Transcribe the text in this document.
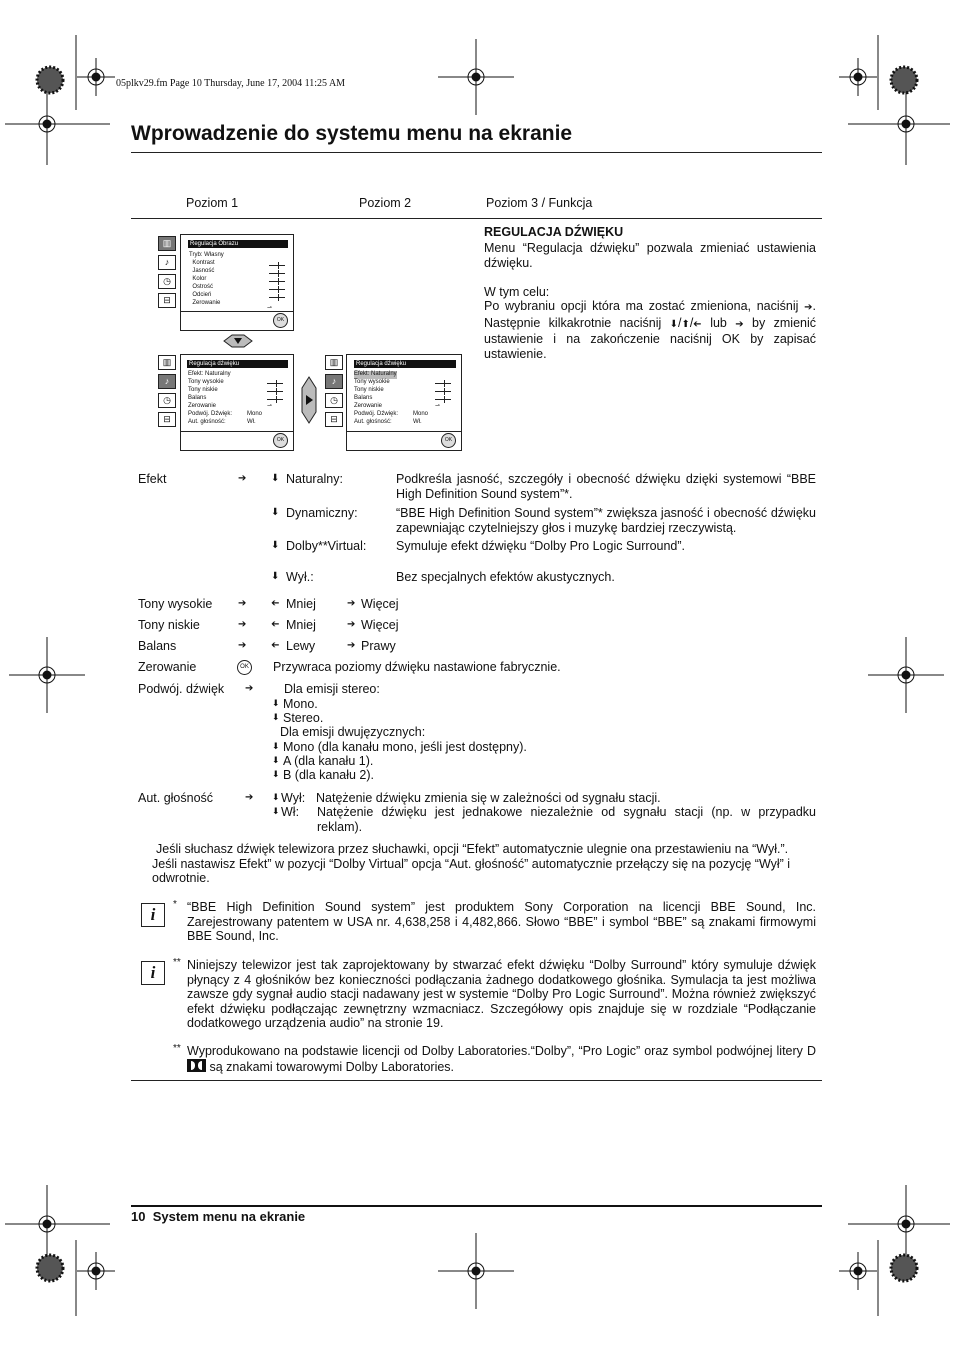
05plkv29.fm Page 10 Thursday, June 17, 2004 11:25 AM
Wprowadzenie do systemu menu na ekranie
Poziom 1	Poziom 2	Poziom 3 / Funkcja
▥
♪
◷
⊟
Regulacja Obrazu
Tryb: Własny
Kontrast
Jasność
Kolor
Ostrość
Odcień
Zerowanie
⇀
OK
▥
♪
◷
⊟
Regulacja dźwięku
Efekt: Naturalny
Tony wysokie
Tony niskie
Balans
Zerowanie
Podwój. Dźwięk:
Aut. głośność:
Mono
Wł.
⇀
OK
▥
♪
◷
⊟
Regulacja dźwięku
Efekt: Naturalny
Tony wysokie
Tony niskie
Balans
Zerowanie
Podwój. Dźwięk:
Aut. głośność:
Mono
Wł.
⇀
OK
REGULACJA DŹWIĘKU
Menu “Regulacja dźwięku” pozwala zmieniać ustawienia dźwięku.
W tym celu:
Po wybraniu opcji która ma zostać zmieniona, naciśnij ➔. Następnie kilkakrotnie naciśnij ⬇/⬆/➔ lub ➔ by zmienić ustawienie i na zakończenie naciśnij OK by zapisać ustawienie.
Efekt	➔ ⬇ Naturalny:	Podkreśla jasność, szczegóły i obecność dźwięku dzięki systemowi “BBE High Definition Sound system”*.
⬇ Dynamiczny:	“BBE High Definition Sound system”* zwiększa jasność i obecność dźwięku zapewniając czytelniejszy głos i muzykę bardziej rzeczywistą.
⬇ Dolby**Virtual: Symuluje efekt dźwięku “Dolby Pro Logic Surround”.
⬇ Wył.:	Bez specjalnych efektów akustycznych.
Tony wysokie	➔ ➔ Mniej	➔ Więcej
Tony niskie	➔ ➔ Mniej	➔ Więcej
Balans	➔ ➔ Lewy	➔ Prawy
Zerowanie	OK Przywraca poziomy dźwięku nastawione fabrycznie.
Podwój. dźwięk ➔ Dla emisji stereo:
⬇ Mono.
⬇ Stereo.
Dla emisji dwujęzycznych:
⬇ Mono (dla kanału mono, jeśli jest dostępny).
⬇ A (dla kanału 1).
⬇ B (dla kanału 2).
Aut. głośność	➔ ⬇ Wył: Natężenie dźwięku zmienia się w zależności od sygnału stacji.
⬇ Wł: Natężenie dźwięku jest jednakowe niezależnie od sygnału stacji (np. w przypadku reklam).
Jeśli słuchasz dźwięk telewizora przez słuchawki, opcji “Efekt” automatycznie ulegnie ona przestawieniu na “Wył.”. Jeśli nastawisz Efekt” w pozycji “Dolby Virtual” opcja “Aut. głośność” automatycznie przełączy się na pozycję “Wył” i odwrotnie.
i
* “BBE High Definition Sound system” jest produktem Sony Corporation na licencji BBE Sound, Inc. Zarejestrowany patentem w USA nr. 4,638,258 i 4,482,866. Słowo “BBE” i symbol “BBE” są znakami firmowymi BBE Sound, Inc.
i
** Niniejszy telewizor jest tak zaprojektowany by stwarzać efekt dźwięku “Dolby Surround” który symuluje dźwięk płynący z 4 głośników bez konieczności podłączania żadnego dodatkowego głośnika. Symulacja ta jest możliwa zawsze gdy sygnał audio stacji nadawany jest w systemie “Dolby Pro Logic Surround”. Można również zwiększyć efekt dźwięku podłączając zewnętrzny wzmacniacz. Szczegółowy opis znajduje się w rozdziale “Podłączanie dodatkowego urządzenia audio” na stronie 19.
** Wyprodukowano na podstawie licencji od Dolby Laboratories.“Dolby”, “Pro Logic” oraz symbol podwójnej litery D
są znakami towarowymi Dolby Laboratories.
10 System menu na ekranie
